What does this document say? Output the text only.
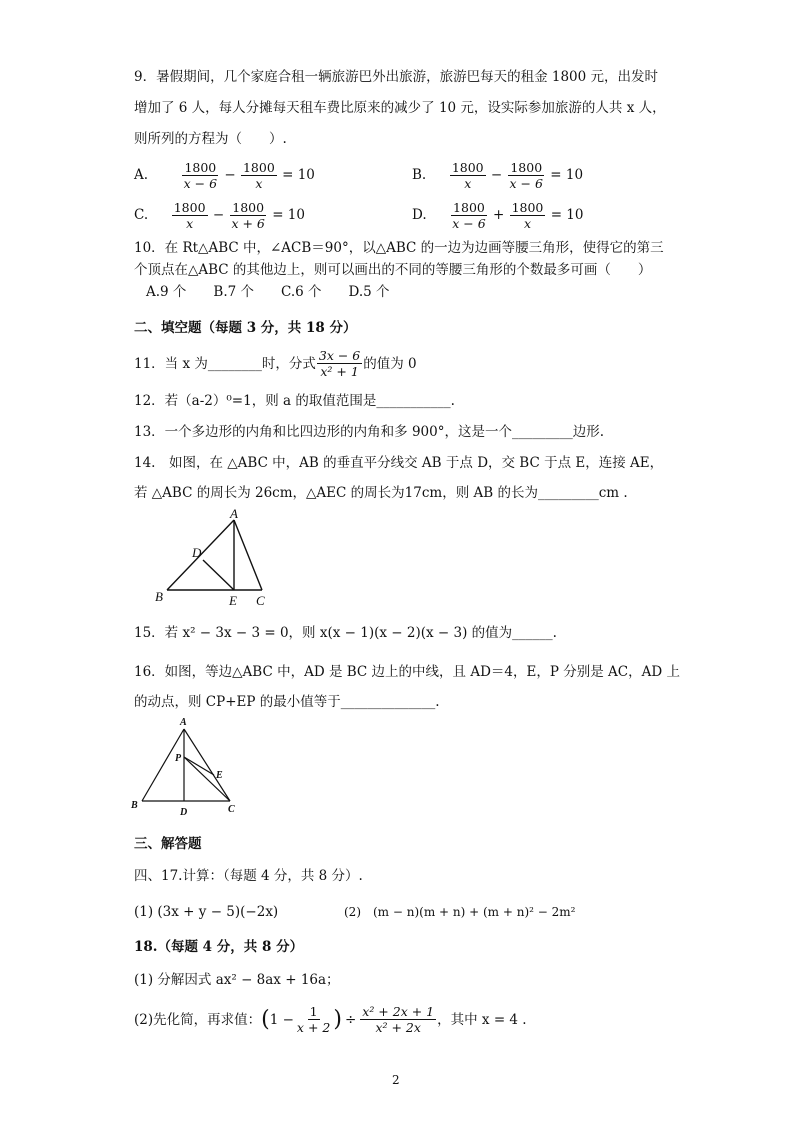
9．暑假期间，几个家庭合租一辆旅游巴外出旅游，旅游巴每天的租金 1800 元，出发时
增加了 6 人，每人分摊每天租车费比原来的减少了 10 元，设实际参加旅游的人共 x 人，
则所列的方程为（　　）.
A.	$\frac{1800}{x - 6} - \frac{1800}{x} = 10$	B. $\frac{1800}{x} - \frac{1800}{x - 6} = 10$
C. $\frac{1800}{x} - \frac{1800}{x + 6} = 10$	D. $\frac{1800}{x - 6} + \frac{1800}{x} = 10$
10．在 Rt△ABC 中，∠ACB＝90°，以△ABC 的一边为边画等腰三角形，使得它的第三
个顶点在△ABC 的其他边上，则可以画出的不同的等腰三角形的个数最多可画（　　）
A.9 个　　B.7 个　　C.6 个　　D.5 个
二、填空题（每题 3 分，共 18 分）
11．当 x 为________时，分式 $\frac{3x - 6}{\text{x² + 1}}$ 的值为 0
12．若（a-2）⁰=1，则 a 的取值范围是___________.
13．一个多边形的内角和比四边形的内角和多 900°，这是一个_________边形.
14.　如图，在 △ABC 中，AB 的垂直平分线交 AB 于点 D，交 BC 于点 E，连接 AE，
若 △ABC 的周长为 26cm，△AEC 的周长为17cm，则 AB 的长为_________cm .
A
B	C
D
E
15．若 x² − 3x − 3 = 0，则 x(x − 1)(x − 2)(x − 3) 的值为______.
16．如图，等边△ABC 中，AD 是 BC 边上的中线，且 AD＝4，E，P 分别是 AC，AD 上
的动点，则 CP+EP 的最小值等于______________.
A
B	C
D
E
P
三、解答题
四、17.计算：（每题 4 分，共 8 分）.
(1) (3x + y − 5)(−2x)	(2)　(m − n)(m + n) + (m + n)² − 2m²
18.（每题 4 分，共 8 分）
(1) 分解因式 ax² − 8ax + 16a；
(2)先化简，再求值： ( $1 - \frac{1}{x + 2}$ ) ÷ $\frac{\text{x² + 2x + 1}}{\text{x² + 2x}}$ ，其中 x = 4 .
2
